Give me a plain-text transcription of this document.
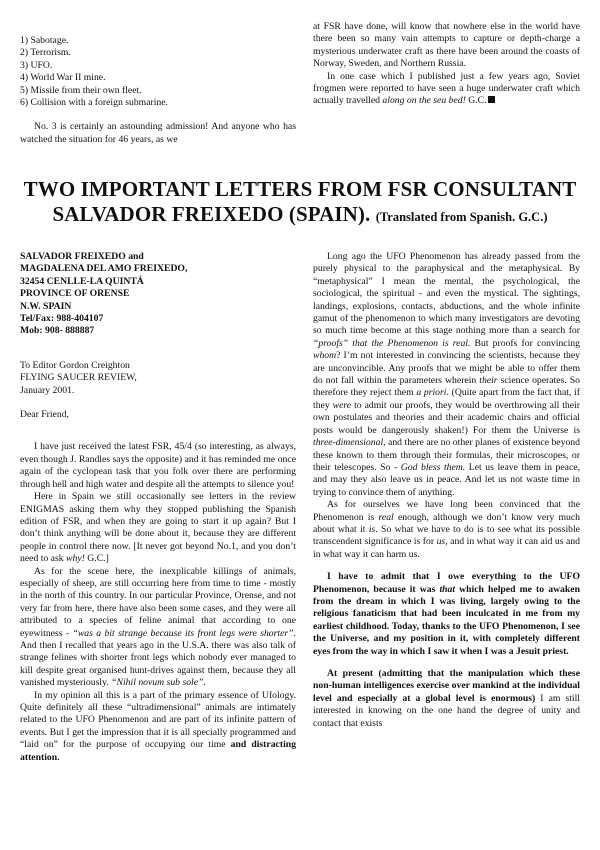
1) Sabotage.
2) Terrorism.
3) UFO.
4) World War II mine.
5) Missile from their own fleet.
6) Collision with a foreign submarine.

No. 3 is certainly an astounding admission! And anyone who has watched the situation for 46 years, as we

at FSR have done, will know that nowhere else in the world have there been so many vain attempts to capture or depth-charge a mysterious underwater craft as there have been around the coasts of Norway, Sweden, and Northern Russia.

In one case which I published just a few years ago, Soviet frogmen were reported to have seen a huge underwater craft which actually travelled along on the sea bed! G.C.

TWO IMPORTANT LETTERS FROM FSR CONSULTANT
SALVADOR FREIXEDO (SPAIN). (Translated from Spanish. G.C.)
SALVADOR FREIXEDO and
MAGDALENA DEL AMO FREIXEDO,
32454 CENLLE-LA QUINTÁ
PROVINCE OF ORENSE
N.W. SPAIN
Tel/Fax: 988-404107
Mob: 908- 888887
To Editor Gordon Creighton
FLYING SAUCER REVIEW,
January 2001.

Dear Friend,

I have just received the latest FSR, 45/4 (so interesting, as always, even though J. Randles says the opposite) and it has reminded me once again of the cyclopean task that you folk over there are performing through hell and high water and despite all the attempts to silence you!

Here in Spain we still occasionally see letters in the review ENIGMAS asking them why they stopped publishing the Spanish edition of FSR, and when they are going to start it up again? But I don’t think anything will be done about it, because they are different people in control there now. [It never got beyond No.1, and you don’t need to ask why! G.C.]

As for the scene here, the inexplicable killings of animals, especially of sheep, are still occurring here from time to time - mostly in the north of this country. In our particular Province, Orense, and not very far from here, there have also been some cases, and they were all attributed to a species of feline animal that according to one eyewitness - “was a bit strange because its front legs were shorter”. And then I recalled that years ago in the U.S.A. there was also talk of strange felines with shorter front legs which nobody ever managed to kill despite great organised hunt-drives against them, because they all vanished mysteriously. “Nihil novum sub sole”.

In my opinion all this is a part of the primary essence of Ufology. Quite definitely all these “ultradimensional” animals are intimately related to the UFO Phenomenon and are part of its infinite pattern of events. But I get the impression that it is all specially programmed and “laid on” for the purpose of occupying our time and distracting attention.

Long ago the UFO Phenomenon has already passed from the purely physical to the paraphysical and the metaphysical. By “metaphysical” I mean the mental, the psychological, the sociological, the spiritual - and even the mystical. The sightings, landings, explosions, contacts, abductions, and the whole infinite gamut of the phenomenon to which many investigators are devoting so much time become at this stage nothing more than a search for “proofs” that the Phenomenon is real. But proofs for convincing whom? I’m not interested in convincing the scientists, because they are unconvincible. Any proofs that we might be able to offer them do not fall within the parameters wherein their science operates. So therefore they reject them a priori. (Quite apart from the fact that, if they were to admit our proofs, they would be overthrowing all their own postulates and theories and their academic chairs and official posts would be dangerously shaken!) For them the Universe is three-dimensional, and there are no other planes of existence beyond these known to them through their formulas, their microscopes, or their telescopes. So - God bless them. Let us leave them in peace, and may they also leave us in peace. And let us not waste time in trying to convince them of anything.

As for ourselves we have long been convinced that the Phenomenon is real enough, although we don’t know very much about what it is. So what we have to do is to see what its possible transcendent significance is for us, and in what way it can aid us and in what way it can harm us.

I have to admit that I owe everything to the UFO Phenomenon, because it was that which helped me to awaken from the dream in which I was living, largely owing to the religious fanaticism that had been inculcated in me from my earliest childhood. Today, thanks to the UFO Phenomenon, I see the Universe, and my position in it, with completely different eyes from the way in which I saw it when I was a Jesuit priest.

At present (admitting that the manipulation which these non-human intelligences exercise over mankind at the individual level and especially at a global level is enormous) I am still interested in knowing on the one hand the degree of unity and contact that exists
